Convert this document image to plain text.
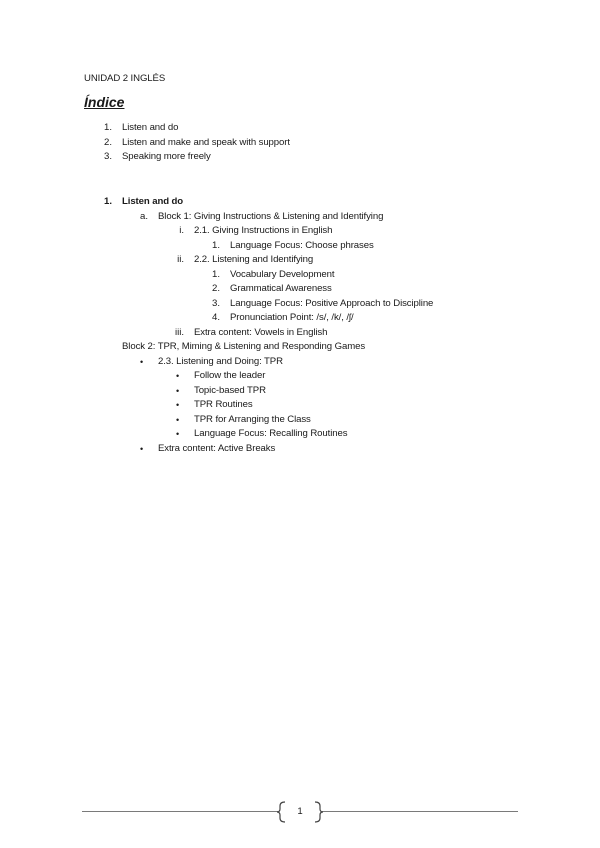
UNIDAD 2 INGLÉS
Índice
1. Listen and do
2. Listen and make and speak with support
3. Speaking more freely
1. Listen and do
a. Block 1: Giving Instructions & Listening and Identifying
i. 2.1. Giving Instructions in English
1. Language Focus: Choose phrases
ii. 2.2. Listening and Identifying
1. Vocabulary Development
2. Grammatical Awareness
3. Language Focus: Positive Approach to Discipline
4. Pronunciation Point: /s/, /k/, /ʃ/
iii. Extra content: Vowels in English
Block 2: TPR, Miming & Listening and Responding Games
• 2.3. Listening and Doing: TPR
• Follow the leader
• Topic-based TPR
• TPR Routines
• TPR for Arranging the Class
• Language Focus: Recalling Routines
• Extra content: Active Breaks
1
